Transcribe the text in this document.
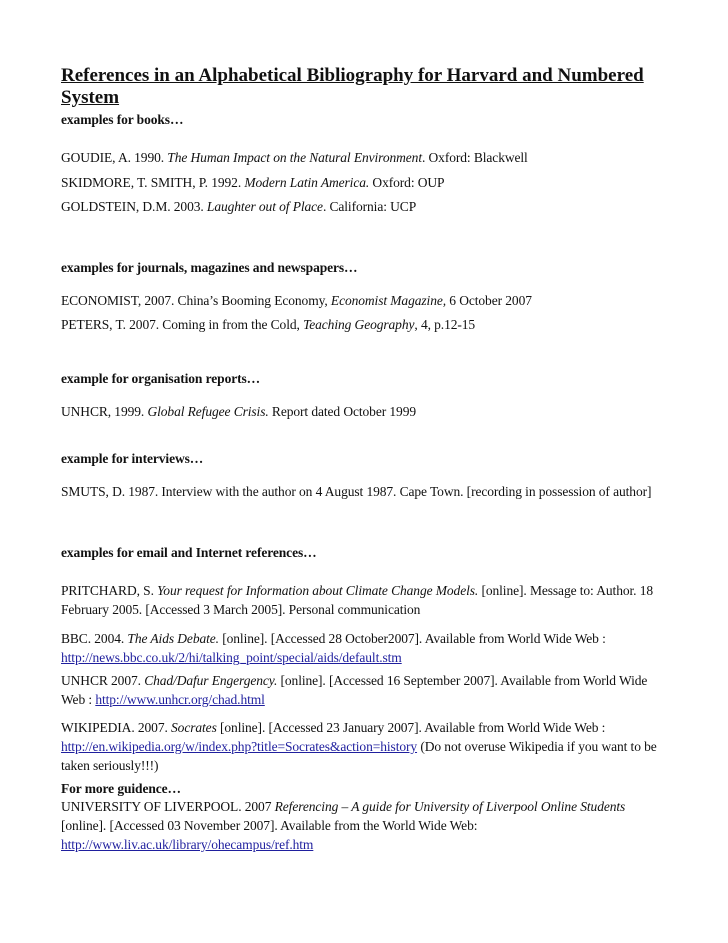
References in an Alphabetical Bibliography for Harvard and Numbered System

examples for books…

GOUDIE, A. 1990. The Human Impact on the Natural Environment. Oxford: Blackwell

SKIDMORE, T. SMITH, P. 1992. Modern Latin America. Oxford: OUP

GOLDSTEIN, D.M. 2003. Laughter out of Place. California: UCP

examples for journals, magazines and newspapers…

ECONOMIST, 2007. China’s Booming Economy, Economist Magazine, 6 October 2007

PETERS, T. 2007. Coming in from the Cold, Teaching Geography, 4, p.12-15

example for organisation reports…

UNHCR, 1999. Global Refugee Crisis. Report dated October 1999

example for interviews…

SMUTS, D. 1987. Interview with the author on 4 August 1987. Cape Town. [recording in possession of author]

examples for email and Internet references…

PRITCHARD, S. Your request for Information about Climate Change Models. [online]. Message to: Author. 18 February 2005. [Accessed 3 March 2005]. Personal communication

BBC. 2004. The Aids Debate. [online]. [Accessed 28 October2007]. Available from World Wide Web : http://news.bbc.co.uk/2/hi/talking_point/special/aids/default.stm

UNHCR 2007. Chad/Dafur Engergency. [online]. [Accessed 16 September 2007]. Available from World Wide Web : http://www.unhcr.org/chad.html

WIKIPEDIA. 2007. Socrates [online]. [Accessed 23 January 2007]. Available from World Wide Web : http://en.wikipedia.org/w/index.php?title=Socrates&action=history (Do not overuse Wikipedia if you want to be taken seriously!!!)

For more guidence…

UNIVERSITY OF LIVERPOOL. 2007 Referencing – A guide for University of Liverpool Online Students [online]. [Accessed 03 November 2007]. Available from the World Wide Web: http://www.liv.ac.uk/library/ohecampus/ref.htm
